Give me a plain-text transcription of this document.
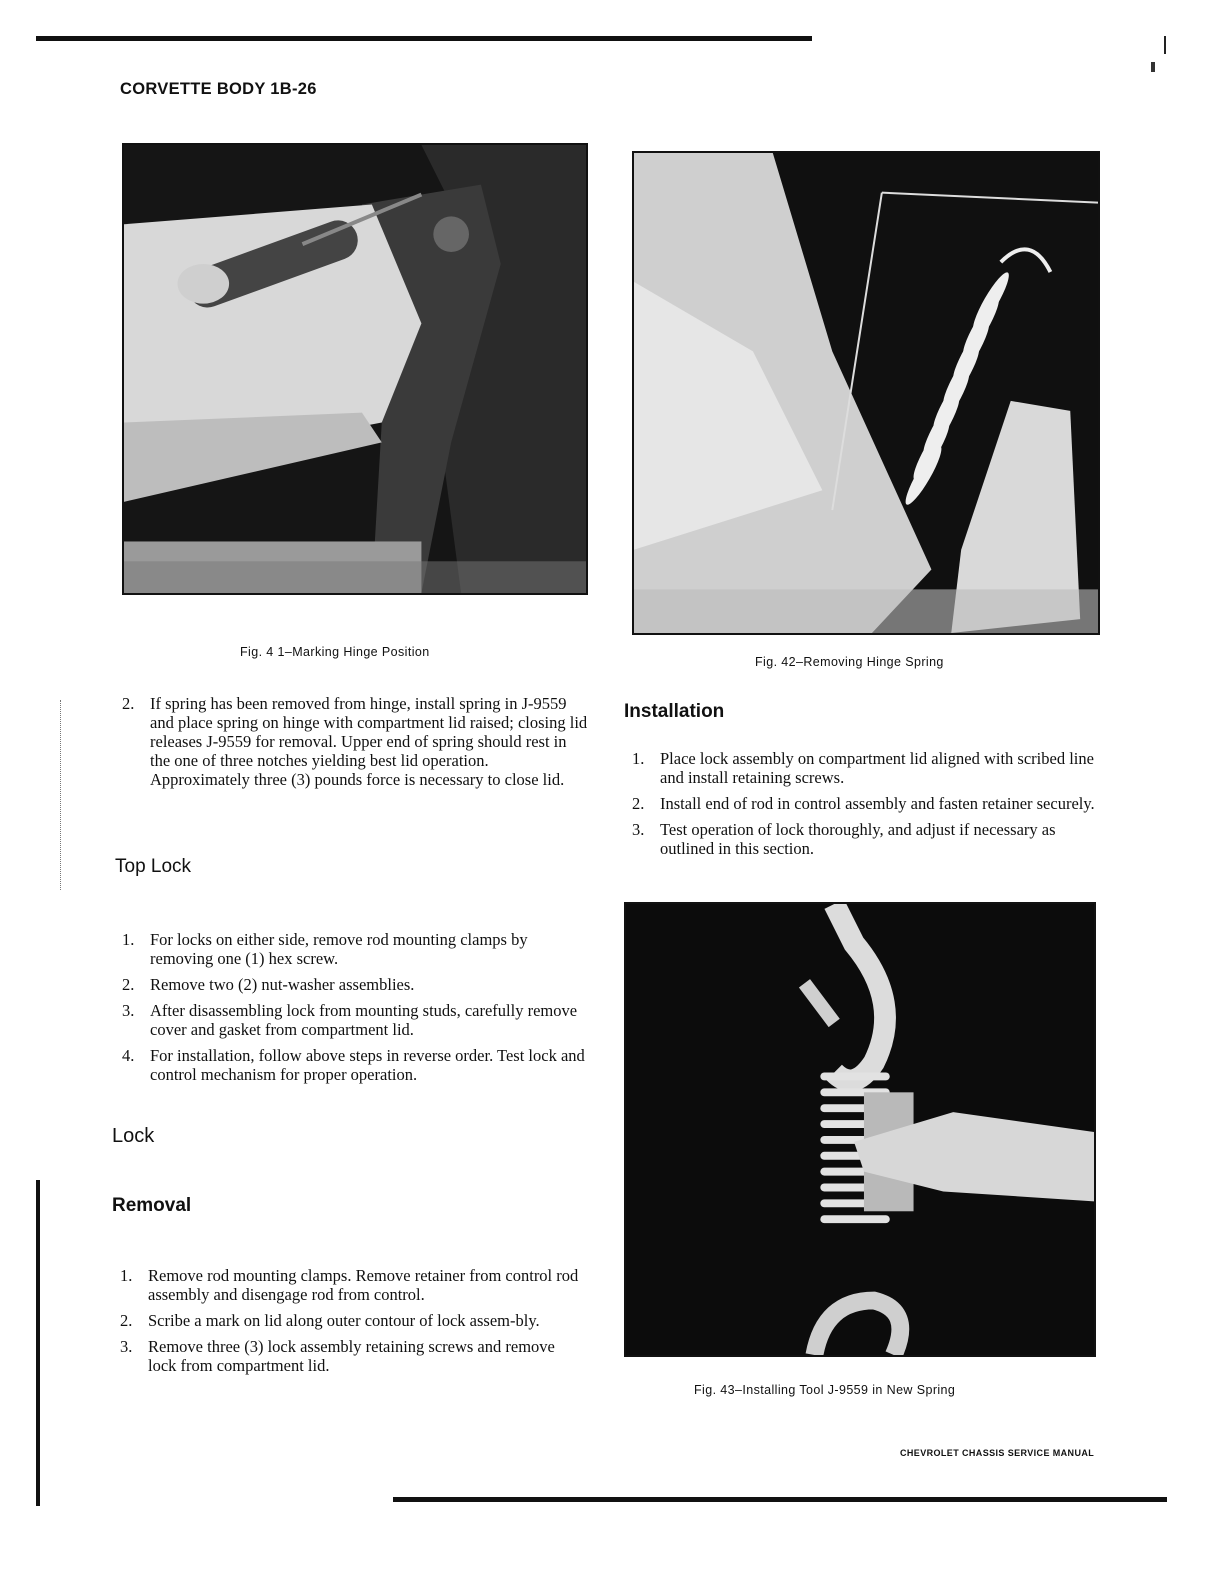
CORVETTE BODY 1B-26
Fig. 4 1–Marking Hinge Position
Fig. 42–Removing Hinge Spring
Fig. 43–Installing Tool J-9559 in New Spring
2. If spring has been removed from hinge, install spring in J-9559 and place spring on hinge with compartment lid raised; closing lid releases J-9559 for removal. Upper end of spring should rest in the one of three notches yielding best lid operation. Approximately three (3) pounds force is necessary to close lid.
Top Lock
1. For locks on either side, remove rod mounting clamps by removing one (1) hex screw.
2. Remove two (2) nut-washer assemblies.
3. After disassembling lock from mounting studs, carefully remove cover and gasket from compartment lid.
4. For installation, follow above steps in reverse order. Test lock and control mechanism for proper operation.
Lock
Removal
1. Remove rod mounting clamps. Remove retainer from control rod assembly and disengage rod from control.
2. Scribe a mark on lid along outer contour of lock assem-bly.
3. Remove three (3) lock assembly retaining screws and remove lock from compartment lid.
Installation
1. Place lock assembly on compartment lid aligned with scribed line and install retaining screws.
2. Install end of rod in control assembly and fasten retainer securely.
3. Test operation of lock thoroughly, and adjust if necessary as outlined in this section.
CHEVROLET CHASSIS SERVICE MANUAL
